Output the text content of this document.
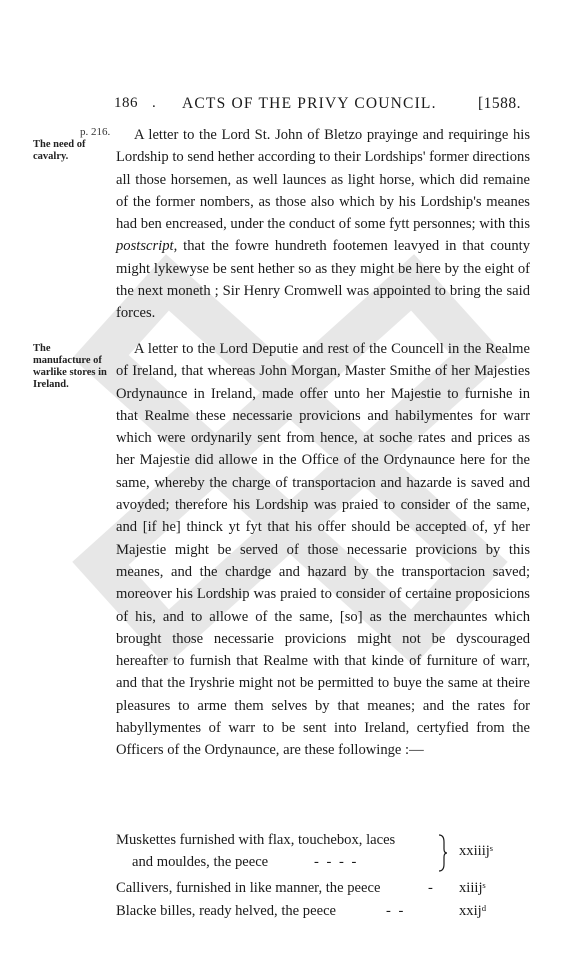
186 . ACTS OF THE PRIVY COUNCIL.	[1588.
p. 216.
The need of cavalry.
The manufacture of warlike stores in Ireland.
A letter to the Lord St. John of Bletzo prayinge and requiringe his Lordship to send hether according to their Lordships' former directions all those horsemen, as well launces as light horse, which did remaine of the former nombers, as those also which by his Lordship's meanes had ben encreased, under the conduct of some fytt personnes; with this postscript, that the fowre hundreth footemen leavyed in that county might lykewyse be sent hether so as they might be here by the eight of the next moneth ; Sir Henry Cromwell was appointed to bring the said forces.
A letter to the Lord Deputie and rest of the Councell in the Realme of Ireland, that whereas John Morgan, Master Smithe of her Majesties Ordynaunce in Ireland, made offer unto her Majestie to furnishe in that Realme these necessarie provicions and habilymentes for warr which were ordynarily sent from hence, at soche rates and prices as her Majestie did allowe in the Office of the Ordynaunce here for the same, whereby the charge of transportacion and hazarde is saved and avoyded; therefore his Lordship was praied to consider of the same, and [if he] thinck yt fyt that his offer should be accepted of, yf her Majestie might be served of those necessarie provicions by this meanes, and the chardge and hazard by the transportacion saved; moreover his Lordship was praied to consider of certaine proposicions of his, and to allowe of the same, [so] as the merchauntes which brought those necessarie provicions might not be dyscouraged hereafter to furnish that Realme with that kinde of furniture of warr, and that the Iryshrie might not be permitted to buye the same at theire pleasures to arme them selves by that meanes; and the rates for habyllymentes of warr to be sent into Ireland, certyfied from the Officers of the Ordynaunce, are these followinge :—
Muskettes furnished with flax, touchebox, laces
and mouldes, the peece	- - - -
xxiiijˢ
Callivers, furnished in like manner, the peece	- xiiijˢ
Blacke billes, ready helved, the peece	- -	xxijᵈ
